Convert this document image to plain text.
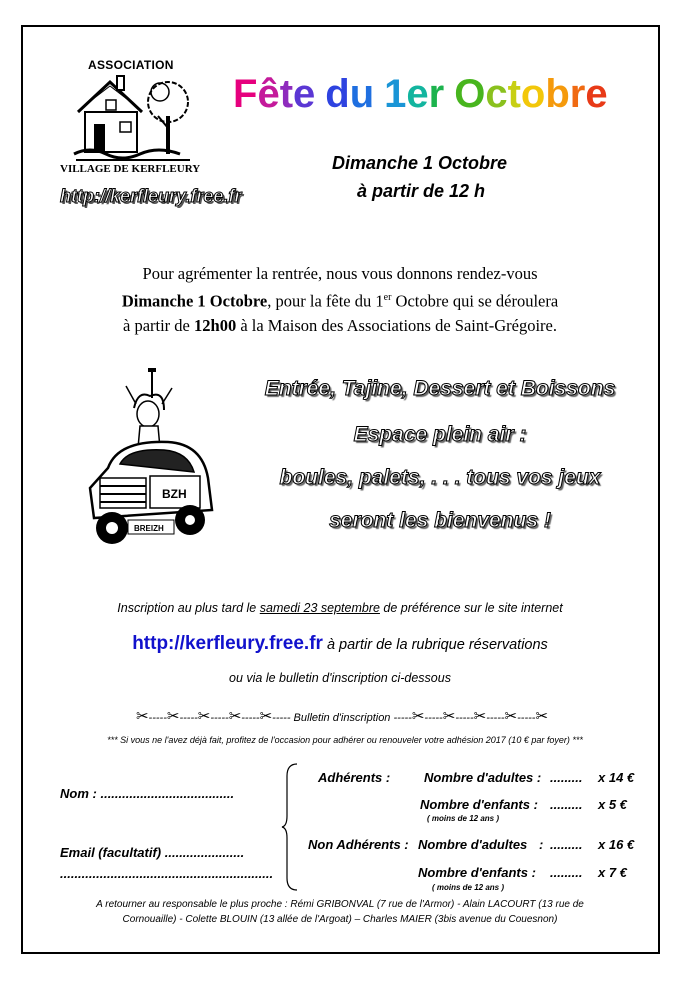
ASSOCIATION
VILLAGE DE KERFLEURY
http://kerfleury.free.fr
Fête du 1er Octobre
Dimanche 1 Octobre
à partir de 12 h
Pour agrémenter la rentrée, nous vous donnons rendez-vous
Dimanche 1 Octobre, pour la fête du 1er Octobre qui se déroulera
à partir de 12h00 à la Maison des Associations de Saint-Grégoire.
BZH
BREIZH
Entrée, Tajine, Dessert et Boissons
Espace plein air :
boules, palets, . . . tous vos jeux
seront les bienvenus !
Inscription au plus tard le samedi 23 septembre de préférence sur le site internet
http://kerfleury.free.fr à partir de la rubrique réservations
ou via le bulletin d'inscription ci-dessous
✂-----✂-----✂-----✂-----✂----- Bulletin d'inscription -----✂-----✂-----✂-----✂-----✂
*** Si vous ne l'avez déjà fait, profitez de l'occasion pour adhérer ou renouveler votre adhésion 2017 (10 € par foyer) ***
Nom : .....................................
Email (facultatif) ......................
...........................................................
Adhérents :	Nombre d'adultes : ......... x 14 €
Nombre d'enfants : ......... x 5 €
( moins de 12 ans )
Non Adhérents : Nombre d'adultes : ......... x 16 €
Nombre d'enfants : ......... x 7 €
( moins de 12 ans )
A retourner au responsable le plus proche : Rémi GRIBONVAL (7 rue de l'Armor) - Alain LACOURT (13 rue de
Cornouaille) - Colette BLOUIN (13 allée de l'Argoat) – Charles MAIER (3bis avenue du Couesnon)
